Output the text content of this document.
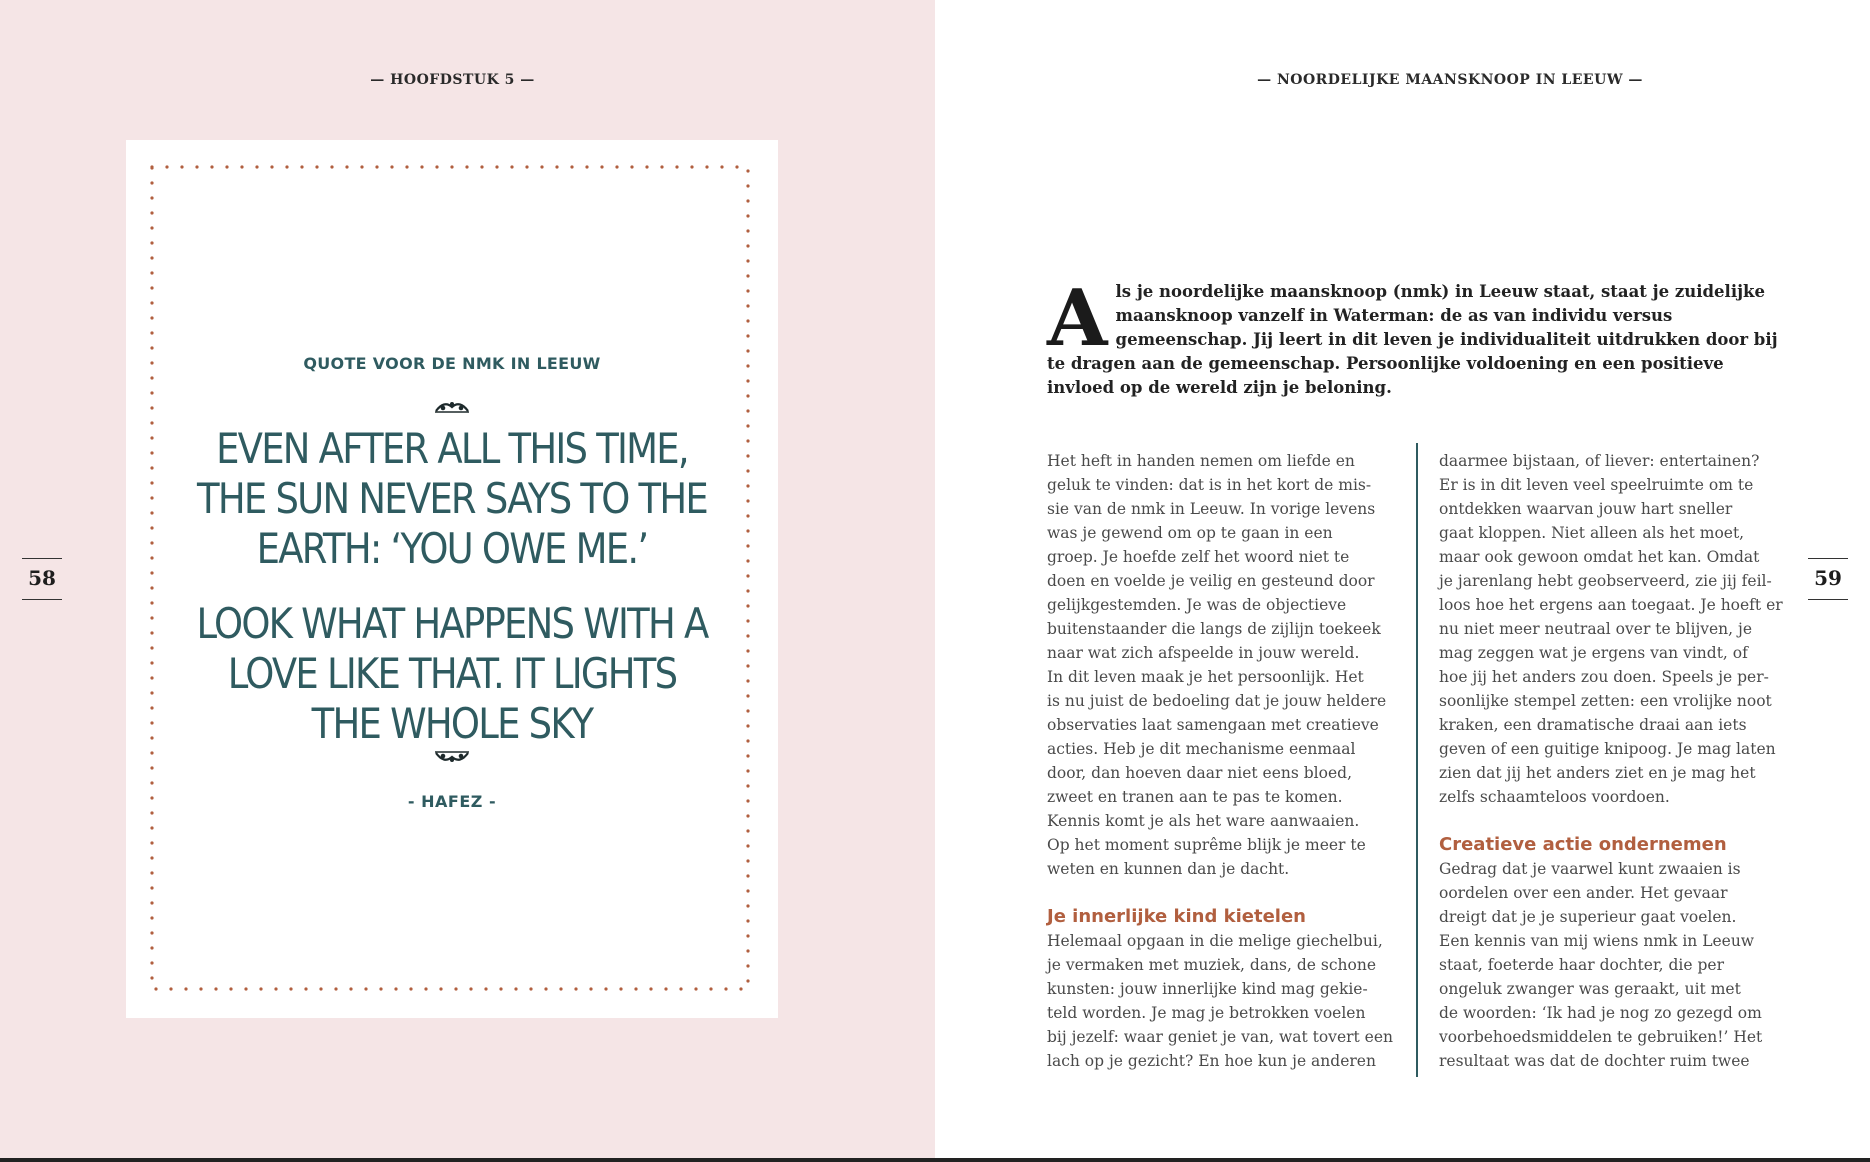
— HOOFDSTUK 5 —
58
QUOTE VOOR DE NMK IN LEEUW
EVEN AFTER ALL THIS TIME, THE SUN NEVER SAYS TO THE EARTH: ‘YOU OWE ME.’
LOOK WHAT HAPPENS WITH A LOVE LIKE THAT. IT LIGHTS THE WHOLE SKY
- HAFEZ -
— NOORDELIJKE MAANSKNOOP IN LEEUW —
59
A ls je noordelijke maansknoop (nmk) in Leeuw staat, staat je zuidelijke maansknoop vanzelf in Waterman: de as van individu versus gemeenschap. Jij leert in dit leven je individualiteit uitdrukken door bij te dragen aan de gemeenschap. Persoonlijke voldoening en een positieve invloed op de wereld zijn je beloning.
Het heft in handen nemen om liefde en
geluk te vinden: dat is in het kort de mis-
sie van de nmk in Leeuw. In vorige levens
was je gewend om op te gaan in een
groep. Je hoefde zelf het woord niet te
doen en voelde je veilig en gesteund door
gelijkgestemden. Je was de objectieve
buitenstaander die langs de zijlijn toekeek
naar wat zich afspeelde in jouw wereld.
In dit leven maak je het persoonlijk. Het
is nu juist de bedoeling dat je jouw heldere
observaties laat samengaan met creatieve
acties. Heb je dit mechanisme eenmaal
door, dan hoeven daar niet eens bloed,
zweet en tranen aan te pas te komen.
Kennis komt je als het ware aanwaaien.
Op het moment suprême blijk je meer te
weten en kunnen dan je dacht.
Je innerlijke kind kietelen
Helemaal opgaan in die melige giechelbui,
je vermaken met muziek, dans, de schone
kunsten: jouw innerlijke kind mag gekie-
teld worden. Je mag je betrokken voelen
bij jezelf: waar geniet je van, wat tovert een
lach op je gezicht? En hoe kun je anderen
daarmee bijstaan, of liever: entertainen?
Er is in dit leven veel speelruimte om te
ontdekken waarvan jouw hart sneller
gaat kloppen. Niet alleen als het moet,
maar ook gewoon omdat het kan. Omdat
je jarenlang hebt geobserveerd, zie jij feil-
loos hoe het ergens aan toegaat. Je hoeft er
nu niet meer neutraal over te blijven, je
mag zeggen wat je ergens van vindt, of
hoe jij het anders zou doen. Speels je per-
soonlijke stempel zetten: een vrolijke noot
kraken, een dramatische draai aan iets
geven of een guitige knipoog. Je mag laten
zien dat jij het anders ziet en je mag het
zelfs schaamteloos voordoen.
Creatieve actie ondernemen
Gedrag dat je vaarwel kunt zwaaien is
oordelen over een ander. Het gevaar
dreigt dat je je superieur gaat voelen.
Een kennis van mij wiens nmk in Leeuw
staat, foeterde haar dochter, die per
ongeluk zwanger was geraakt, uit met
de woorden: ‘Ik had je nog zo gezegd om
voorbehoedsmiddelen te gebruiken!’ Het
resultaat was dat de dochter ruim twee
